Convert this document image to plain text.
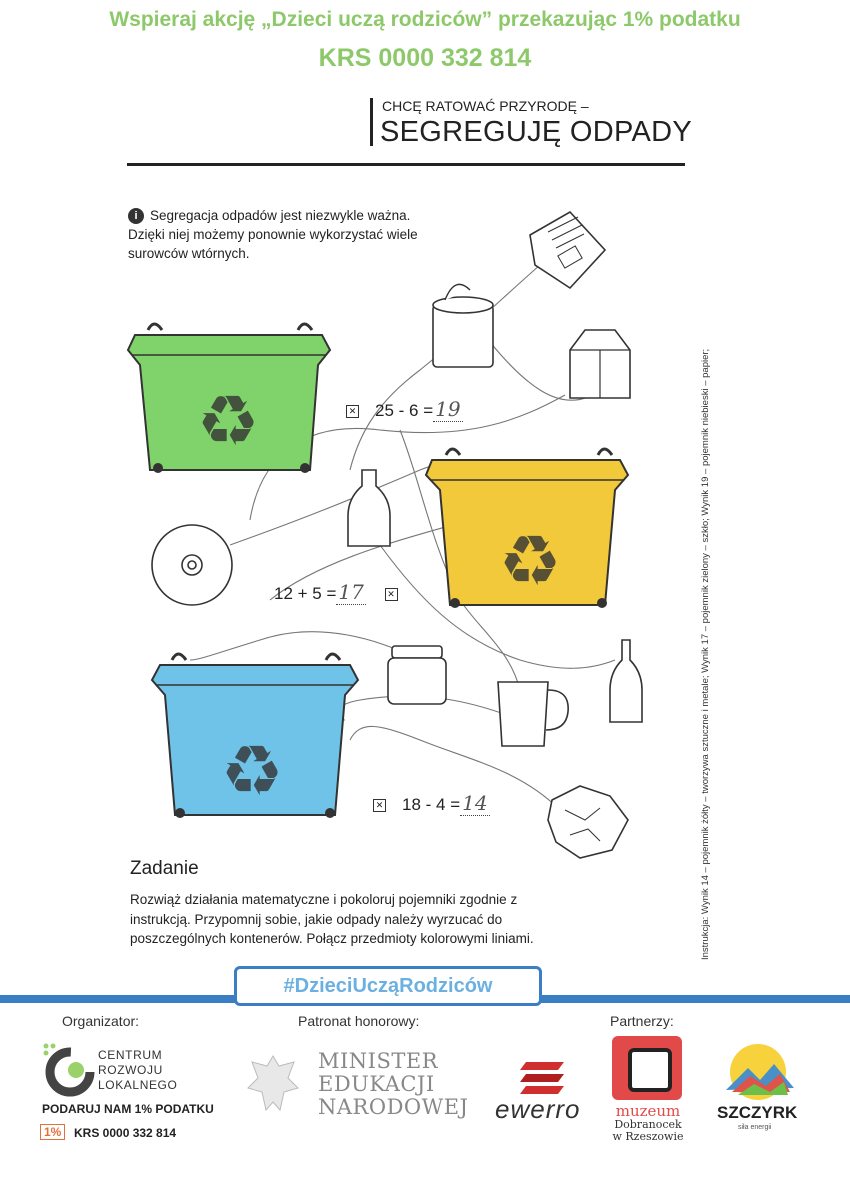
Wspieraj akcję „Dzieci uczą rodziców” przekazując 1% podatku
KRS 0000 332 814
CHCĘ RATOWAĆ PRZYRODĘ –
SEGREGUJĘ ODPADY
i Segregacja odpadów jest niezwykle ważna. Dzięki niej możemy ponownie wykorzystać wiele surowców wtórnych.
♻
♻
♻
✕ 25 - 6 = 19
12 + 5 = 17	✕
✕ 18 - 4 = 14
Zadanie
Rozwiąż działania matematyczne i pokoloruj pojemniki zgodnie z instrukcją. Przypomnij sobie, jakie odpady należy wyrzucać do poszczególnych kontenerów. Połącz przedmioty kolorowymi liniami.	Instrukcja: Wynik 14 – pojemnik żółty – tworzywa sztuczne i metale; Wynik 17 – pojemnik zielony – szkło; Wynik 19 – pojemnik niebieski – papier;
#DzieciUcząRodziców
Organizator:	Patronat honorowy:	Partnerzy:
CENTRUM
ROZWOJU
LOKALNEGO
PODARUJ NAM 1% PODATKU
1%	KRS 0000 332 814
MINISTER
EDUKACJI
NARODOWEJ ewerro muzeum
Dobranocek
w Rzeszowie
SZCZYRK
siła energii
